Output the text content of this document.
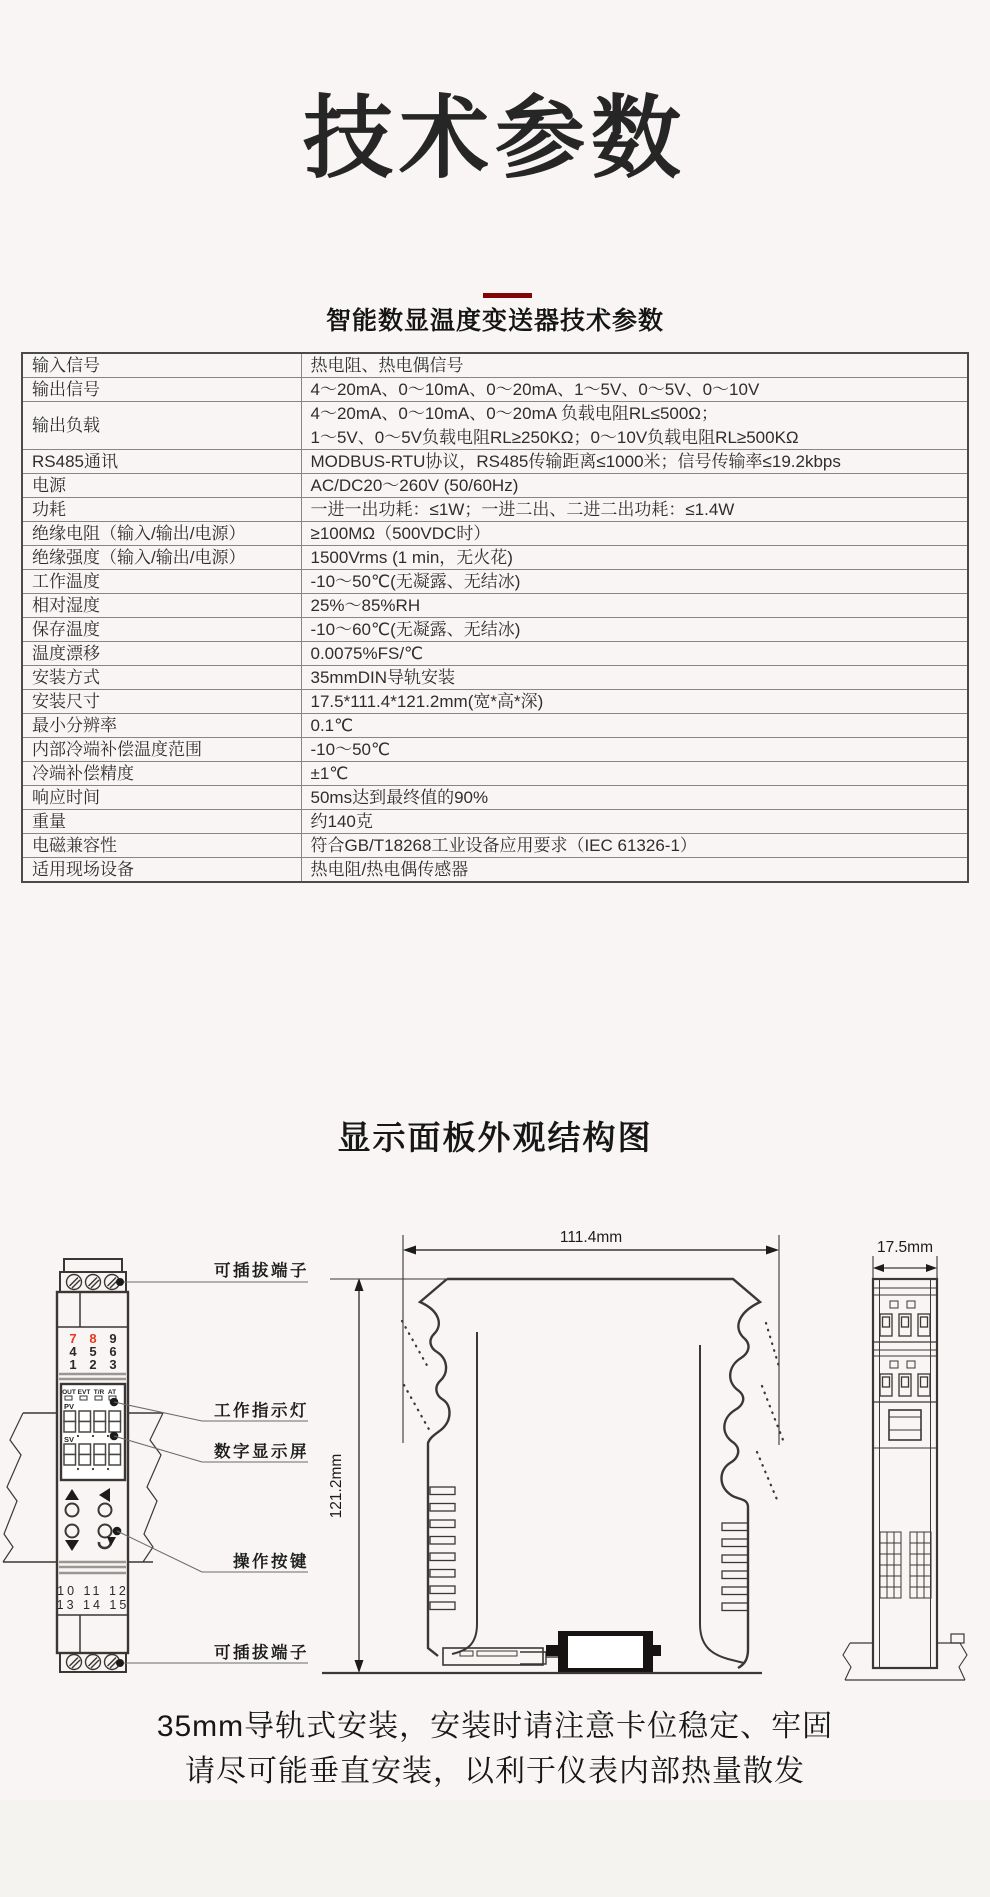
技术参数
智能数显温度变送器技术参数
输入信号	热电阻、热电偶信号
输出信号	4～20mA、0～10mA、0～20mA、1～5V、0～5V、0～10V
输出负载	4～20mA、0～10mA、0～20mA 负载电阻RL≤500Ω；
1～5V、0～5V负载电阻RL≥250KΩ；0～10V负载电阻RL≥500KΩ

RS485通讯	MODBUS-RTU协议，RS485传输距离≤1000米；信号传输率≤19.2kbps
电源	AC/DC20～260V (50/60Hz)
功耗	一进一出功耗：≤1W；一进二出、二进二出功耗：≤1.4W
绝缘电阻（输入/输出/电源）	≥100MΩ（500VDC时）
绝缘强度（输入/输出/电源）	1500Vrms (1 min，无火花)
工作温度	-10～50℃(无凝露、无结冰)
相对湿度	25%～85%RH
保存温度	-10～60℃(无凝露、无结冰)
温度漂移	0.0075%FS/℃
安装方式	35mmDIN导轨安装
安装尺寸	17.5*111.4*121.2mm(宽*高*深)
最小分辨率	0.1℃
内部冷端补偿温度范围	-10～50℃
冷端补偿精度	±1℃
响应时间	50ms达到最终值的90%
重量	约140克
电磁兼容性	符合GB/T18268工业设备应用要求（IEC 61326-1）
适用现场设备	热电阻/热电偶传感器
显示面板外观结构图
7 8 9
4 5 6
1 2 3
OUT EVT T/R AT
PV
SV
10 11 12
13 14 15
可插拔端子
工作指示灯
数字显示屏
操作按键
可插拔端子
111.4mm
121.2mm
17.5mm

35mm导轨式安装，安装时请注意卡位稳定、牢固
请尽可能垂直安装，以利于仪表内部热量散发
